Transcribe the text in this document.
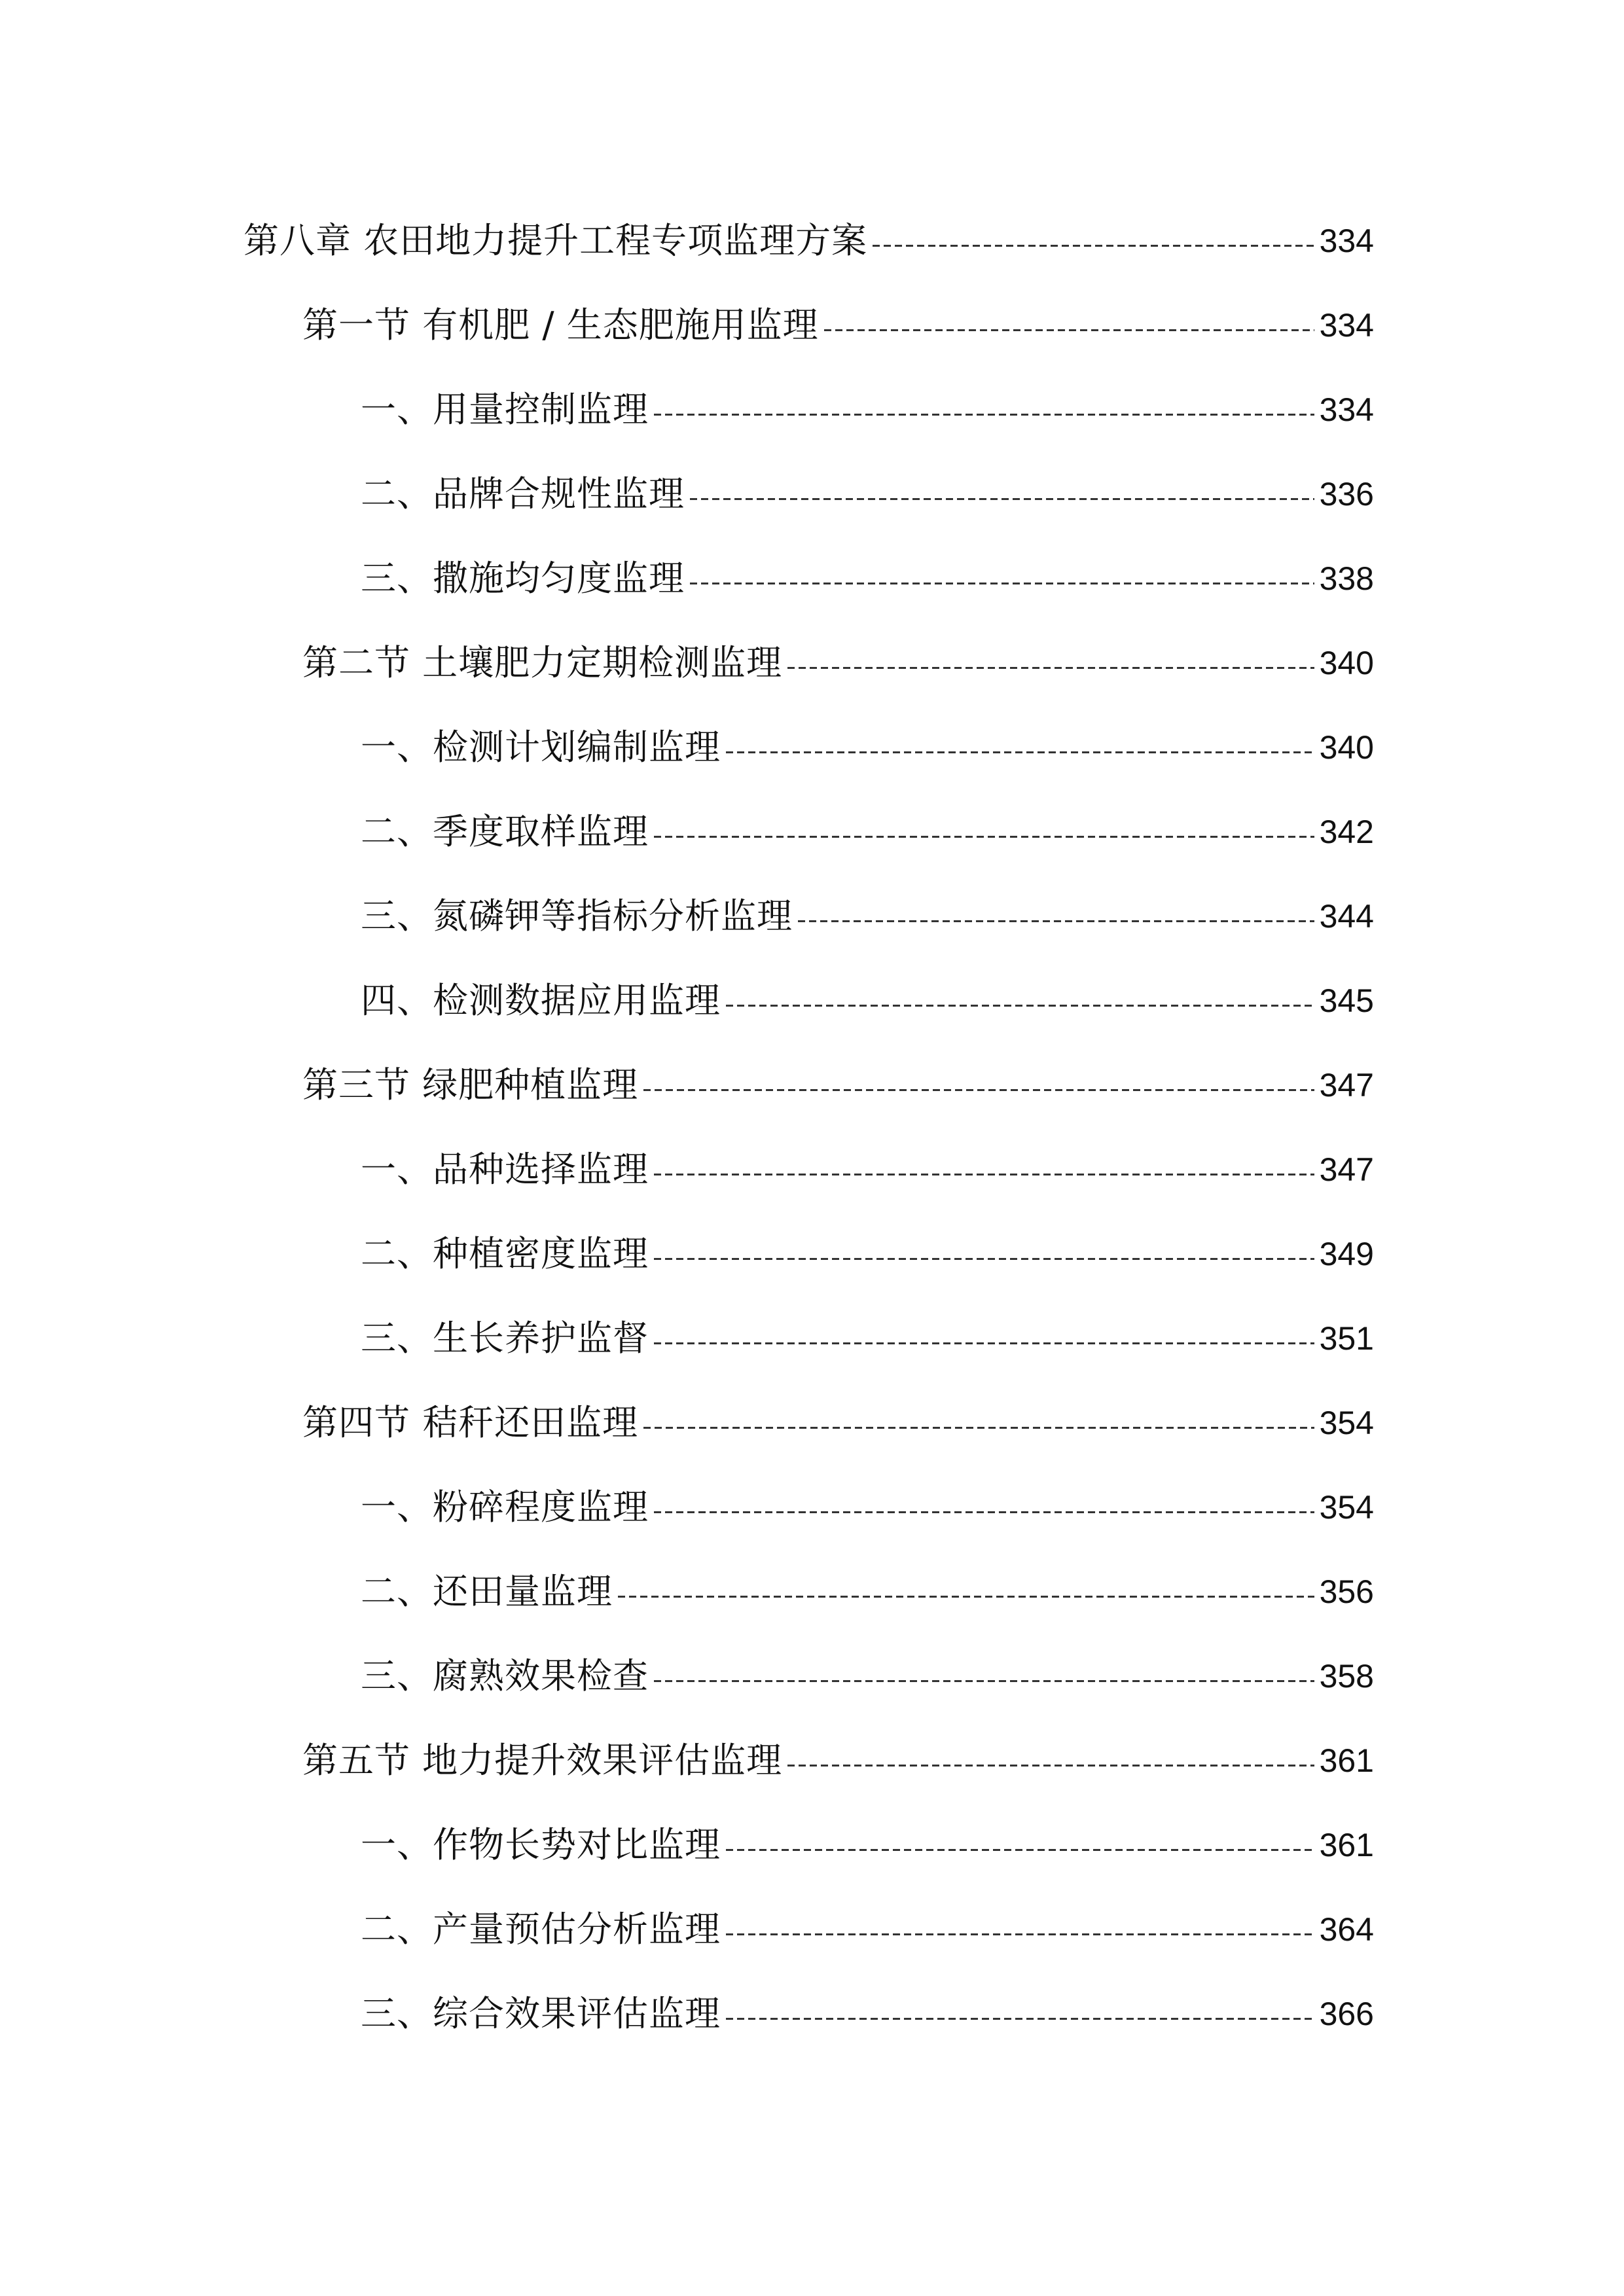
第八章 农田地力提升工程专项监理方案	334
第一节 有机肥 / 生态肥施用监理	334
一、用量控制监理	334
二、品牌合规性监理	336
三、撒施均匀度监理	338
第二节 土壤肥力定期检测监理	340
一、检测计划编制监理	340
二、季度取样监理	342
三、氮磷钾等指标分析监理	344
四、检测数据应用监理	345
第三节 绿肥种植监理	347
一、品种选择监理	347
二、种植密度监理	349
三、生长养护监督	351
第四节 秸秆还田监理	354
一、粉碎程度监理	354
二、还田量监理	356
三、腐熟效果检查	358
第五节 地力提升效果评估监理	361
一、作物长势对比监理	361
二、产量预估分析监理	364
三、综合效果评估监理	366
